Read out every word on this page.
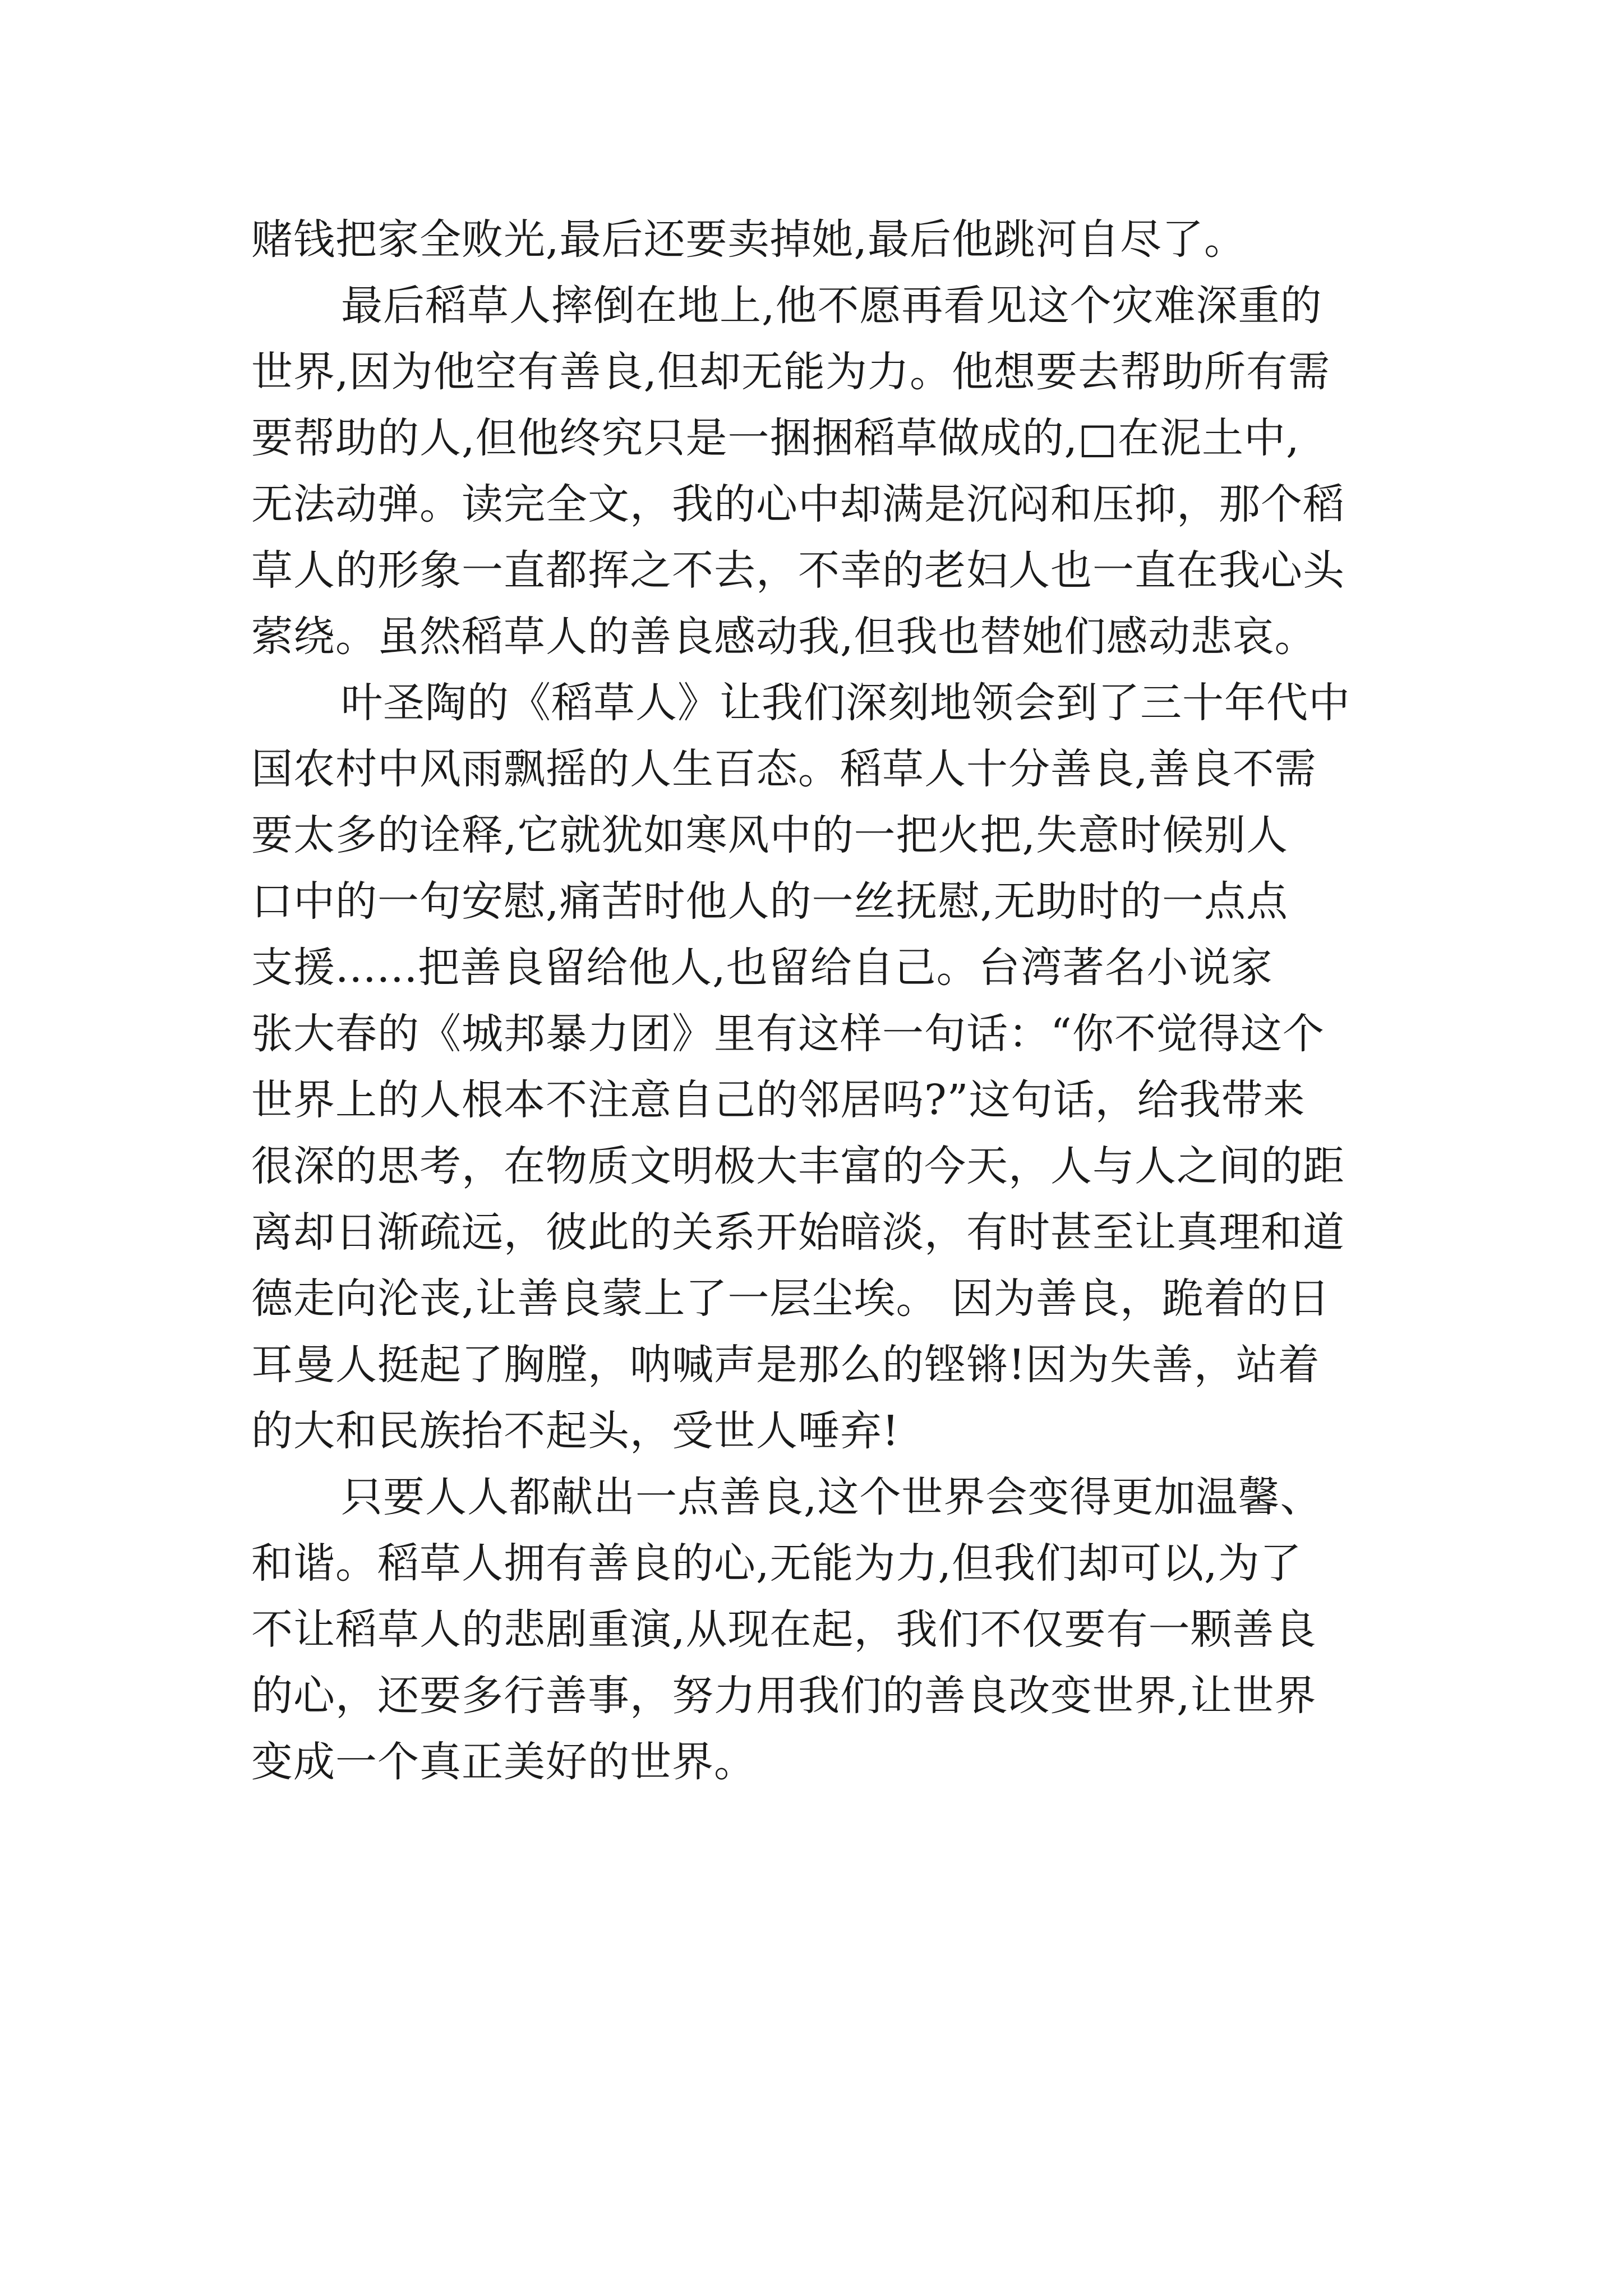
赌钱把家全败光,最后还要卖掉她,最后他跳河自尽了。
最后稻草人摔倒在地上,他不愿再看见这个灾难深重的
世界,因为他空有善良,但却无能为力。他想要去帮助所有需
要帮助的人,但他终究只是一捆捆稻草做成的,□在泥土中,
无法动弹。读完全文，我的心中却满是沉闷和压抑，那个稻
草人的形象一直都挥之不去，不幸的老妇人也一直在我心头
萦绕。虽然稻草人的善良感动我,但我也替她们感动悲哀。
叶圣陶的《稻草人》让我们深刻地领会到了三十年代中
国农村中风雨飘摇的人生百态。稻草人十分善良,善良不需
要太多的诠释,它就犹如寒风中的一把火把,失意时候别人
口中的一句安慰,痛苦时他人的一丝抚慰,无助时的一点点
支援......把善良留给他人,也留给自己。台湾著名小说家
张大春的《城邦暴力团》里有这样一句话：“你不觉得这个
世界上的人根本不注意自己的邻居吗?”这句话，给我带来
很深的思考，在物质文明极大丰富的今天，人与人之间的距
离却日渐疏远，彼此的关系开始暗淡，有时甚至让真理和道
德走向沦丧,让善良蒙上了一层尘埃。 因为善良，跪着的日
耳曼人挺起了胸膛，呐喊声是那么的铿锵!因为失善，站着
的大和民族抬不起头，受世人唾弃!
只要人人都献出一点善良,这个世界会变得更加温馨、
和谐。稻草人拥有善良的心,无能为力,但我们却可以,为了
不让稻草人的悲剧重演,从现在起，我们不仅要有一颗善良
的心，还要多行善事，努力用我们的善良改变世界,让世界
变成一个真正美好的世界。
